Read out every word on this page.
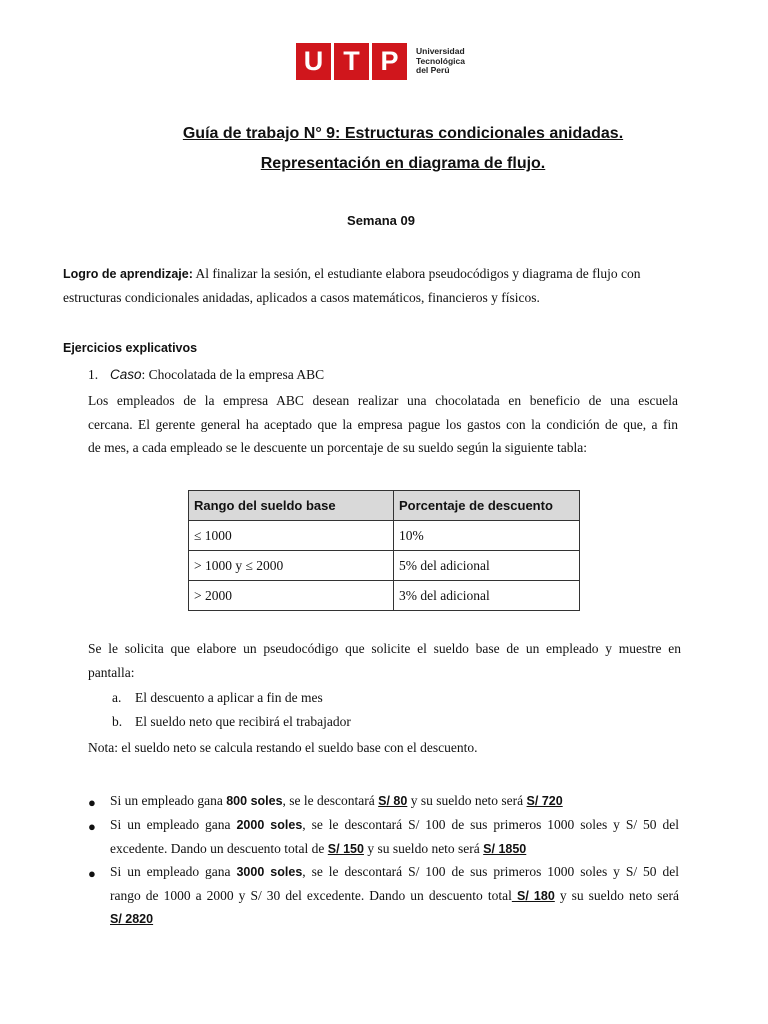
U T P	Universidad
Tecnológica
del Perú
Guía de trabajo N° 9: Estructuras condicionales anidadas.
Representación en diagrama de flujo.
Semana 09
Logro de aprendizaje: Al finalizar la sesión, el estudiante elabora pseudocódigos y diagrama de flujo con
estructuras condicionales anidadas, aplicados a casos matemáticos, financieros y físicos.
Ejercicios explicativos
1. Caso: Chocolatada de la empresa ABC
Los empleados de la empresa ABC desean realizar una chocolatada en beneficio de una escuela
cercana. El gerente general ha aceptado que la empresa pague los gastos con la condición de que, a fin
de mes, a cada empleado se le descuente un porcentaje de su sueldo según la siguiente tabla:
Rango del sueldo base	Porcentaje de descuento
≤ 1000	10%
> 1000 y ≤ 2000	5% del adicional
> 2000	3% del adicional
Se le solicita que elabore un pseudocódigo que solicite el sueldo base de un empleado y muestre en
pantalla:
a. El descuento a aplicar a fin de mes
b. El sueldo neto que recibirá el trabajador
Nota: el sueldo neto se calcula restando el sueldo base con el descuento.
● Si un empleado gana 800 soles, se le descontará S/ 80 y su sueldo neto será S/ 720
● Si un empleado gana 2000 soles, se le descontará S/ 100 de sus primeros 1000 soles y S/ 50 del
excedente. Dando un descuento total de S/ 150 y su sueldo neto será S/ 1850
● Si un empleado gana 3000 soles, se le descontará S/ 100 de sus primeros 1000 soles y S/ 50 del
rango de 1000 a 2000 y S/ 30 del excedente. Dando un descuento total S/ 180 y su sueldo neto será
S/ 2820
